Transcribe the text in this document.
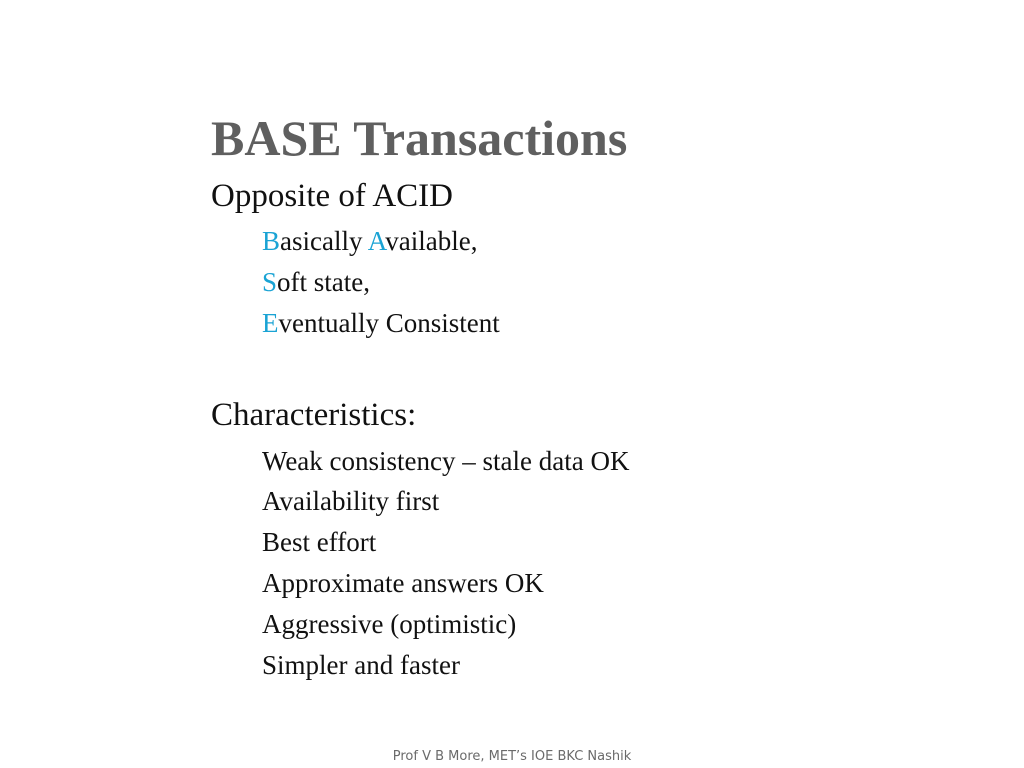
BASE Transactions
Opposite of ACID
Basically Available,
Soft state,
Eventually Consistent
Characteristics:
Weak consistency – stale data OK
Availability first
Best effort
Approximate answers OK
Aggressive (optimistic)
Simpler and faster
Prof V B More, MET’s IOE BKC Nashik
